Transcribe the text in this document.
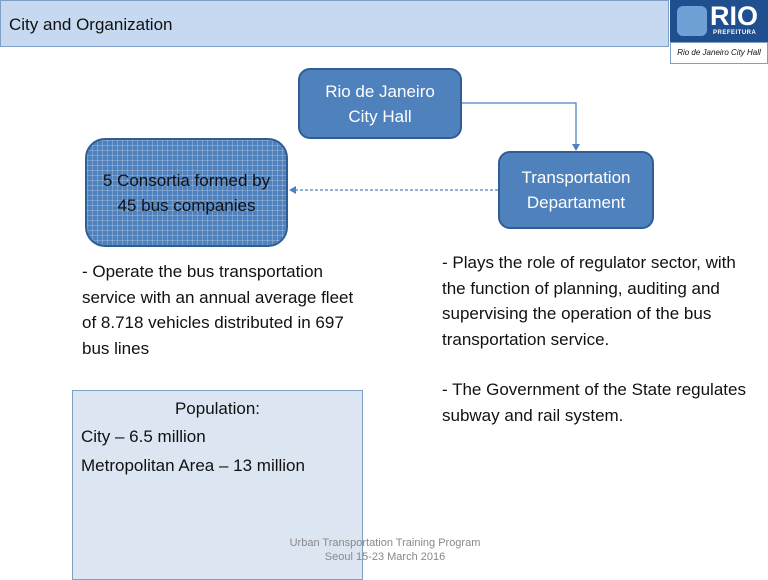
City and Organization	RIO
PREFEITURA
Rio de Janeiro City Hall
Rio de Janeiro City Hall
Transportation Departament
5 Consortia formed by 45 bus companies
- Operate the bus transportation service with an annual average fleet of 8.718 vehicles distributed in 697 bus lines
- Plays the role of regulator sector, with the function of planning, auditing and supervising the operation of the bus transportation service.
- The Government of the State regulates subway and rail system.
Population:
City – 6.5 million
Metropolitan Area – 13 million
Urban Transportation Training Program
Seoul 15-23 March 2016
